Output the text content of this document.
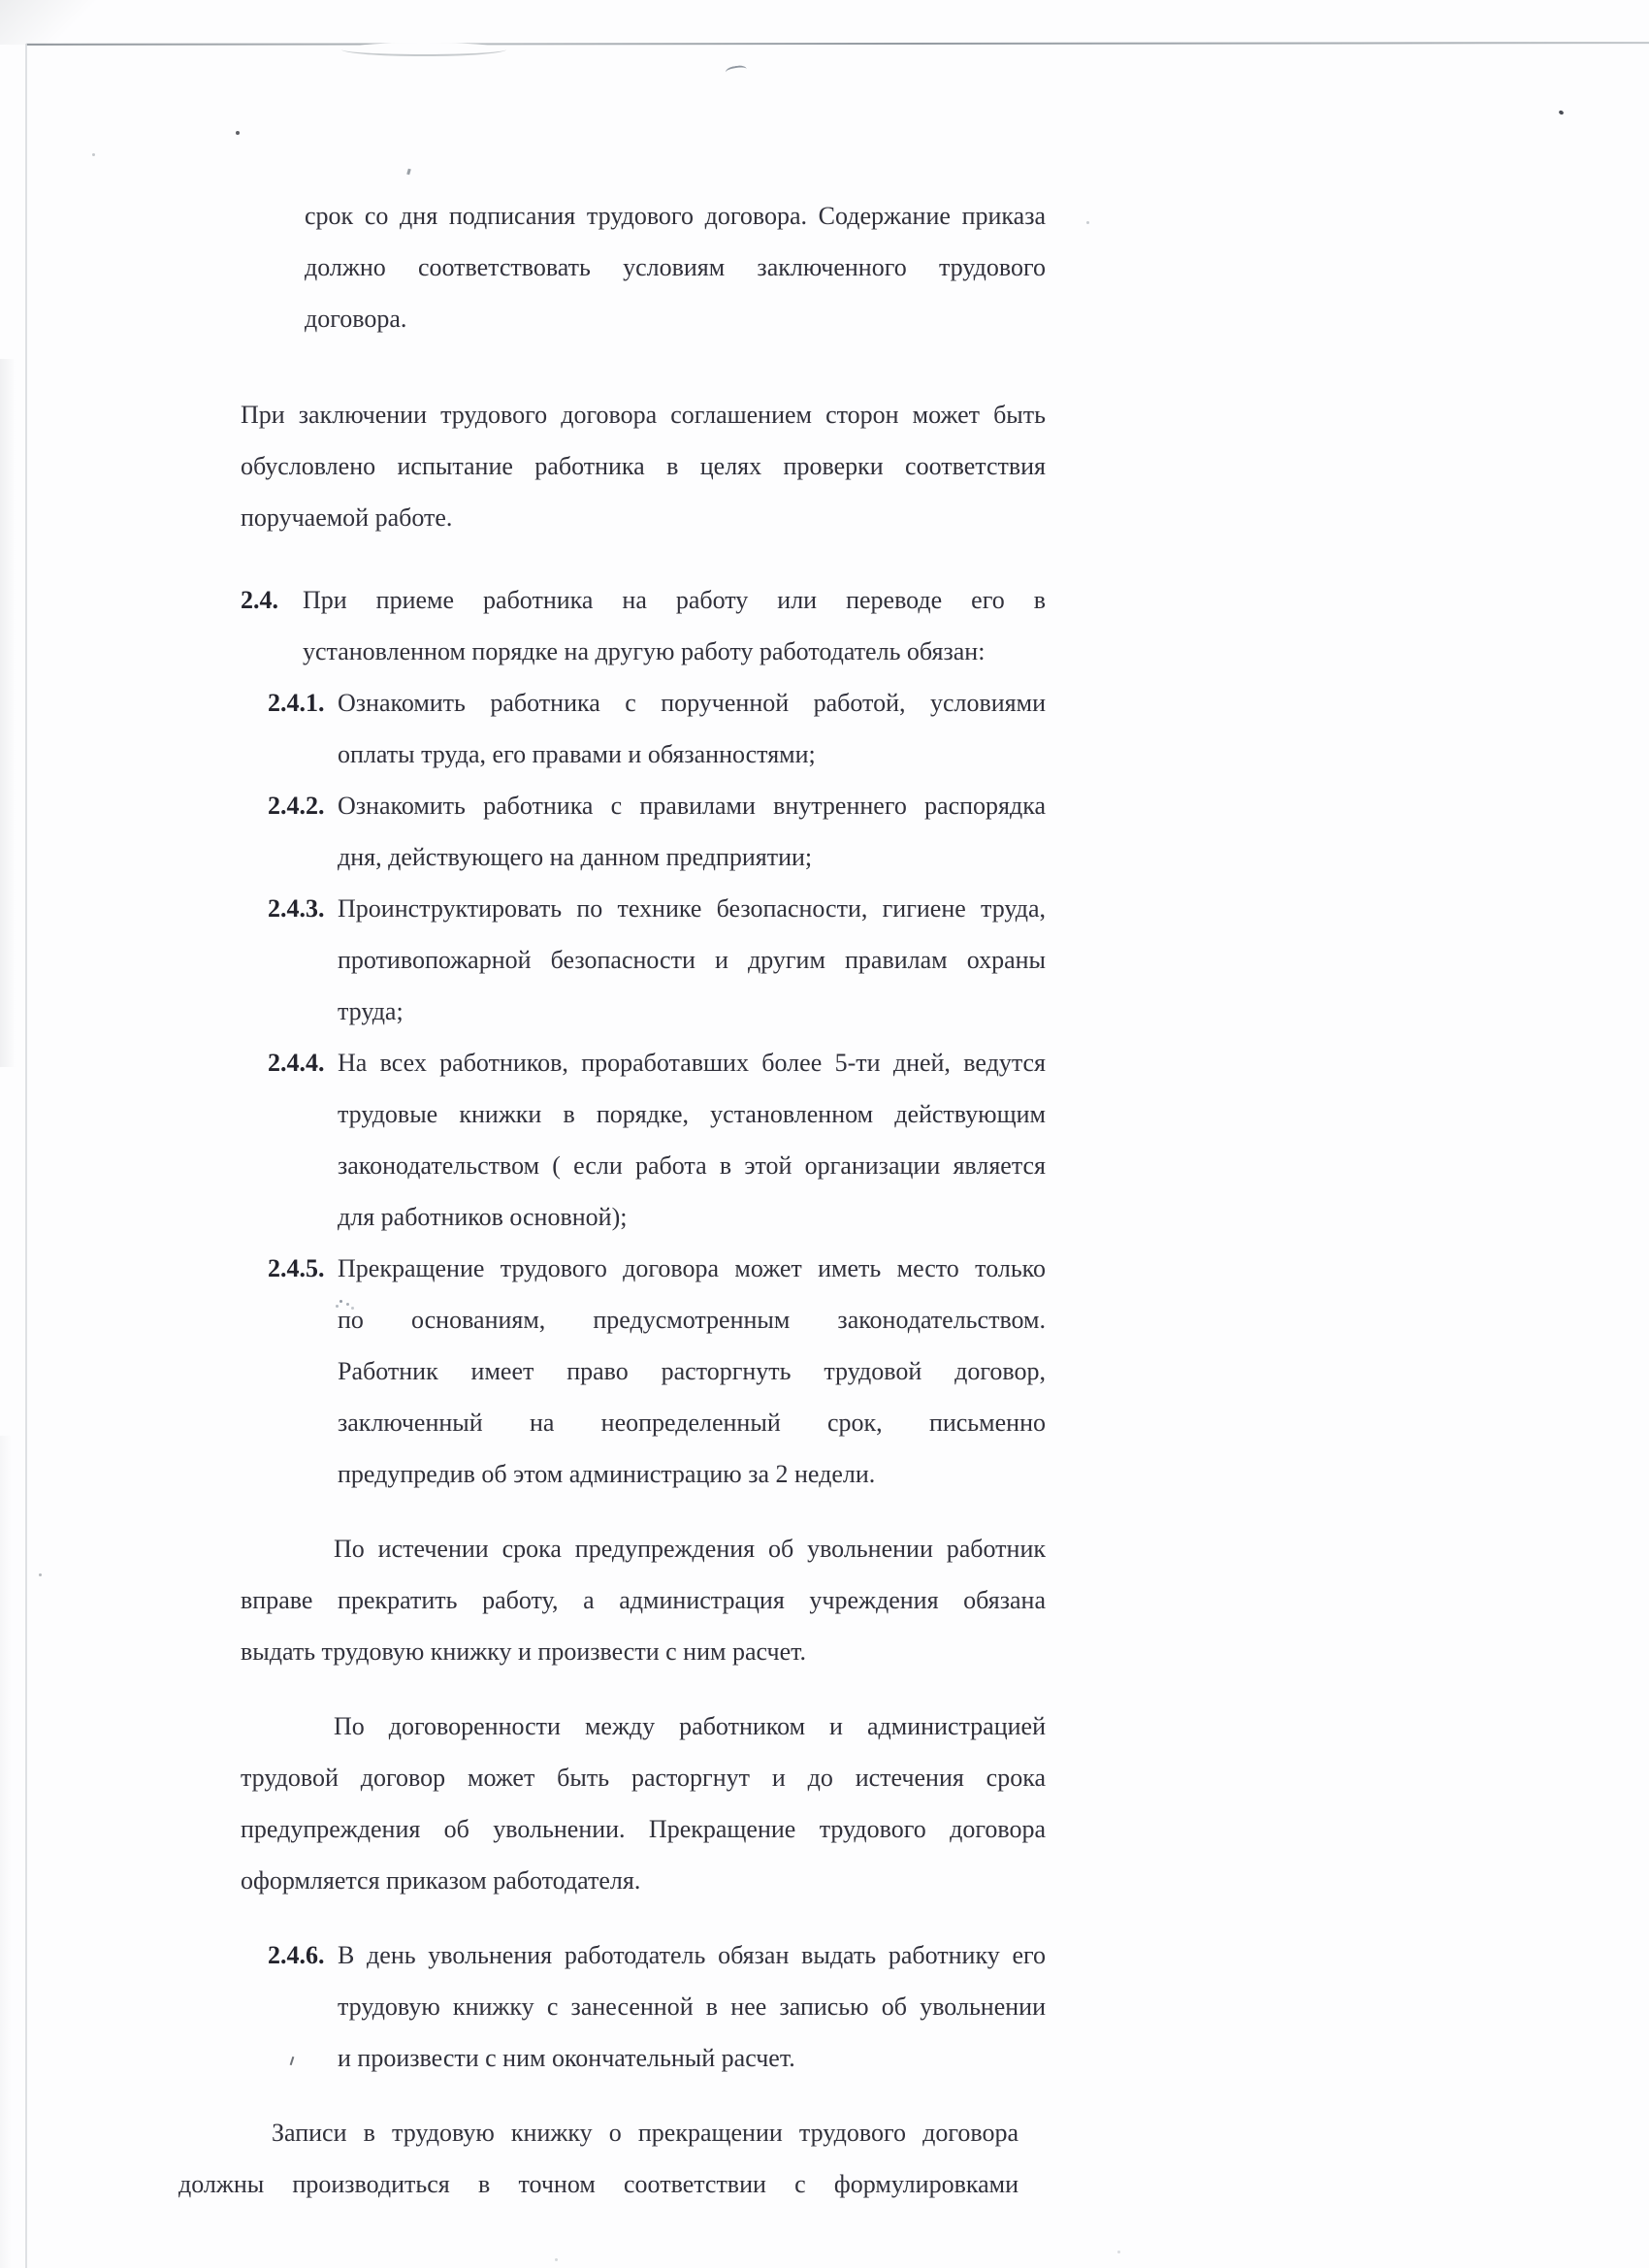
срок со дня подписания трудового договора. Содержание приказа
должно соответствовать условиям заключенного трудового
договора.
При заключении трудового договора соглашением сторон может быть
обусловлено испытание работника в целях проверки соответствия
поручаемой работе.
2.4. При приеме работника на работу или переводе его в
установленном порядке на другую работу работодатель обязан:
2.4.1. Ознакомить работника с порученной работой, условиями
оплаты труда, его правами и обязанностями;
2.4.2. Ознакомить работника с правилами внутреннего распорядка
дня, действующего на данном предприятии;
2.4.3. Проинструктировать по технике безопасности, гигиене труда,
противопожарной безопасности и другим правилам охраны
труда;
2.4.4. На всех работников, проработавших более 5-ти дней, ведутся
трудовые книжки в порядке, установленном действующим
законодательством ( если работа в этой организации является
для работников основной);
2.4.5. Прекращение трудового договора может иметь место только
по основаниям, предусмотренным законодательством.
Работник имеет право расторгнуть трудовой договор,
заключенный на неопределенный срок, письменно
предупредив об этом администрацию за 2 недели.
По истечении срока предупреждения об увольнении работник
вправе прекратить работу, а администрация учреждения обязана
выдать трудовую книжку и произвести с ним расчет.
По договоренности между работником и администрацией
трудовой договор может быть расторгнут и до истечения срока
предупреждения об увольнении. Прекращение трудового договора
оформляется приказом работодателя.
2.4.6. В день увольнения работодатель обязан выдать работнику его
трудовую книжку с занесенной в нее записью об увольнении
и произвести с ним окончательный расчет.
Записи в трудовую книжку о прекращении трудового договора
должны производиться в точном соответствии с формулировками
